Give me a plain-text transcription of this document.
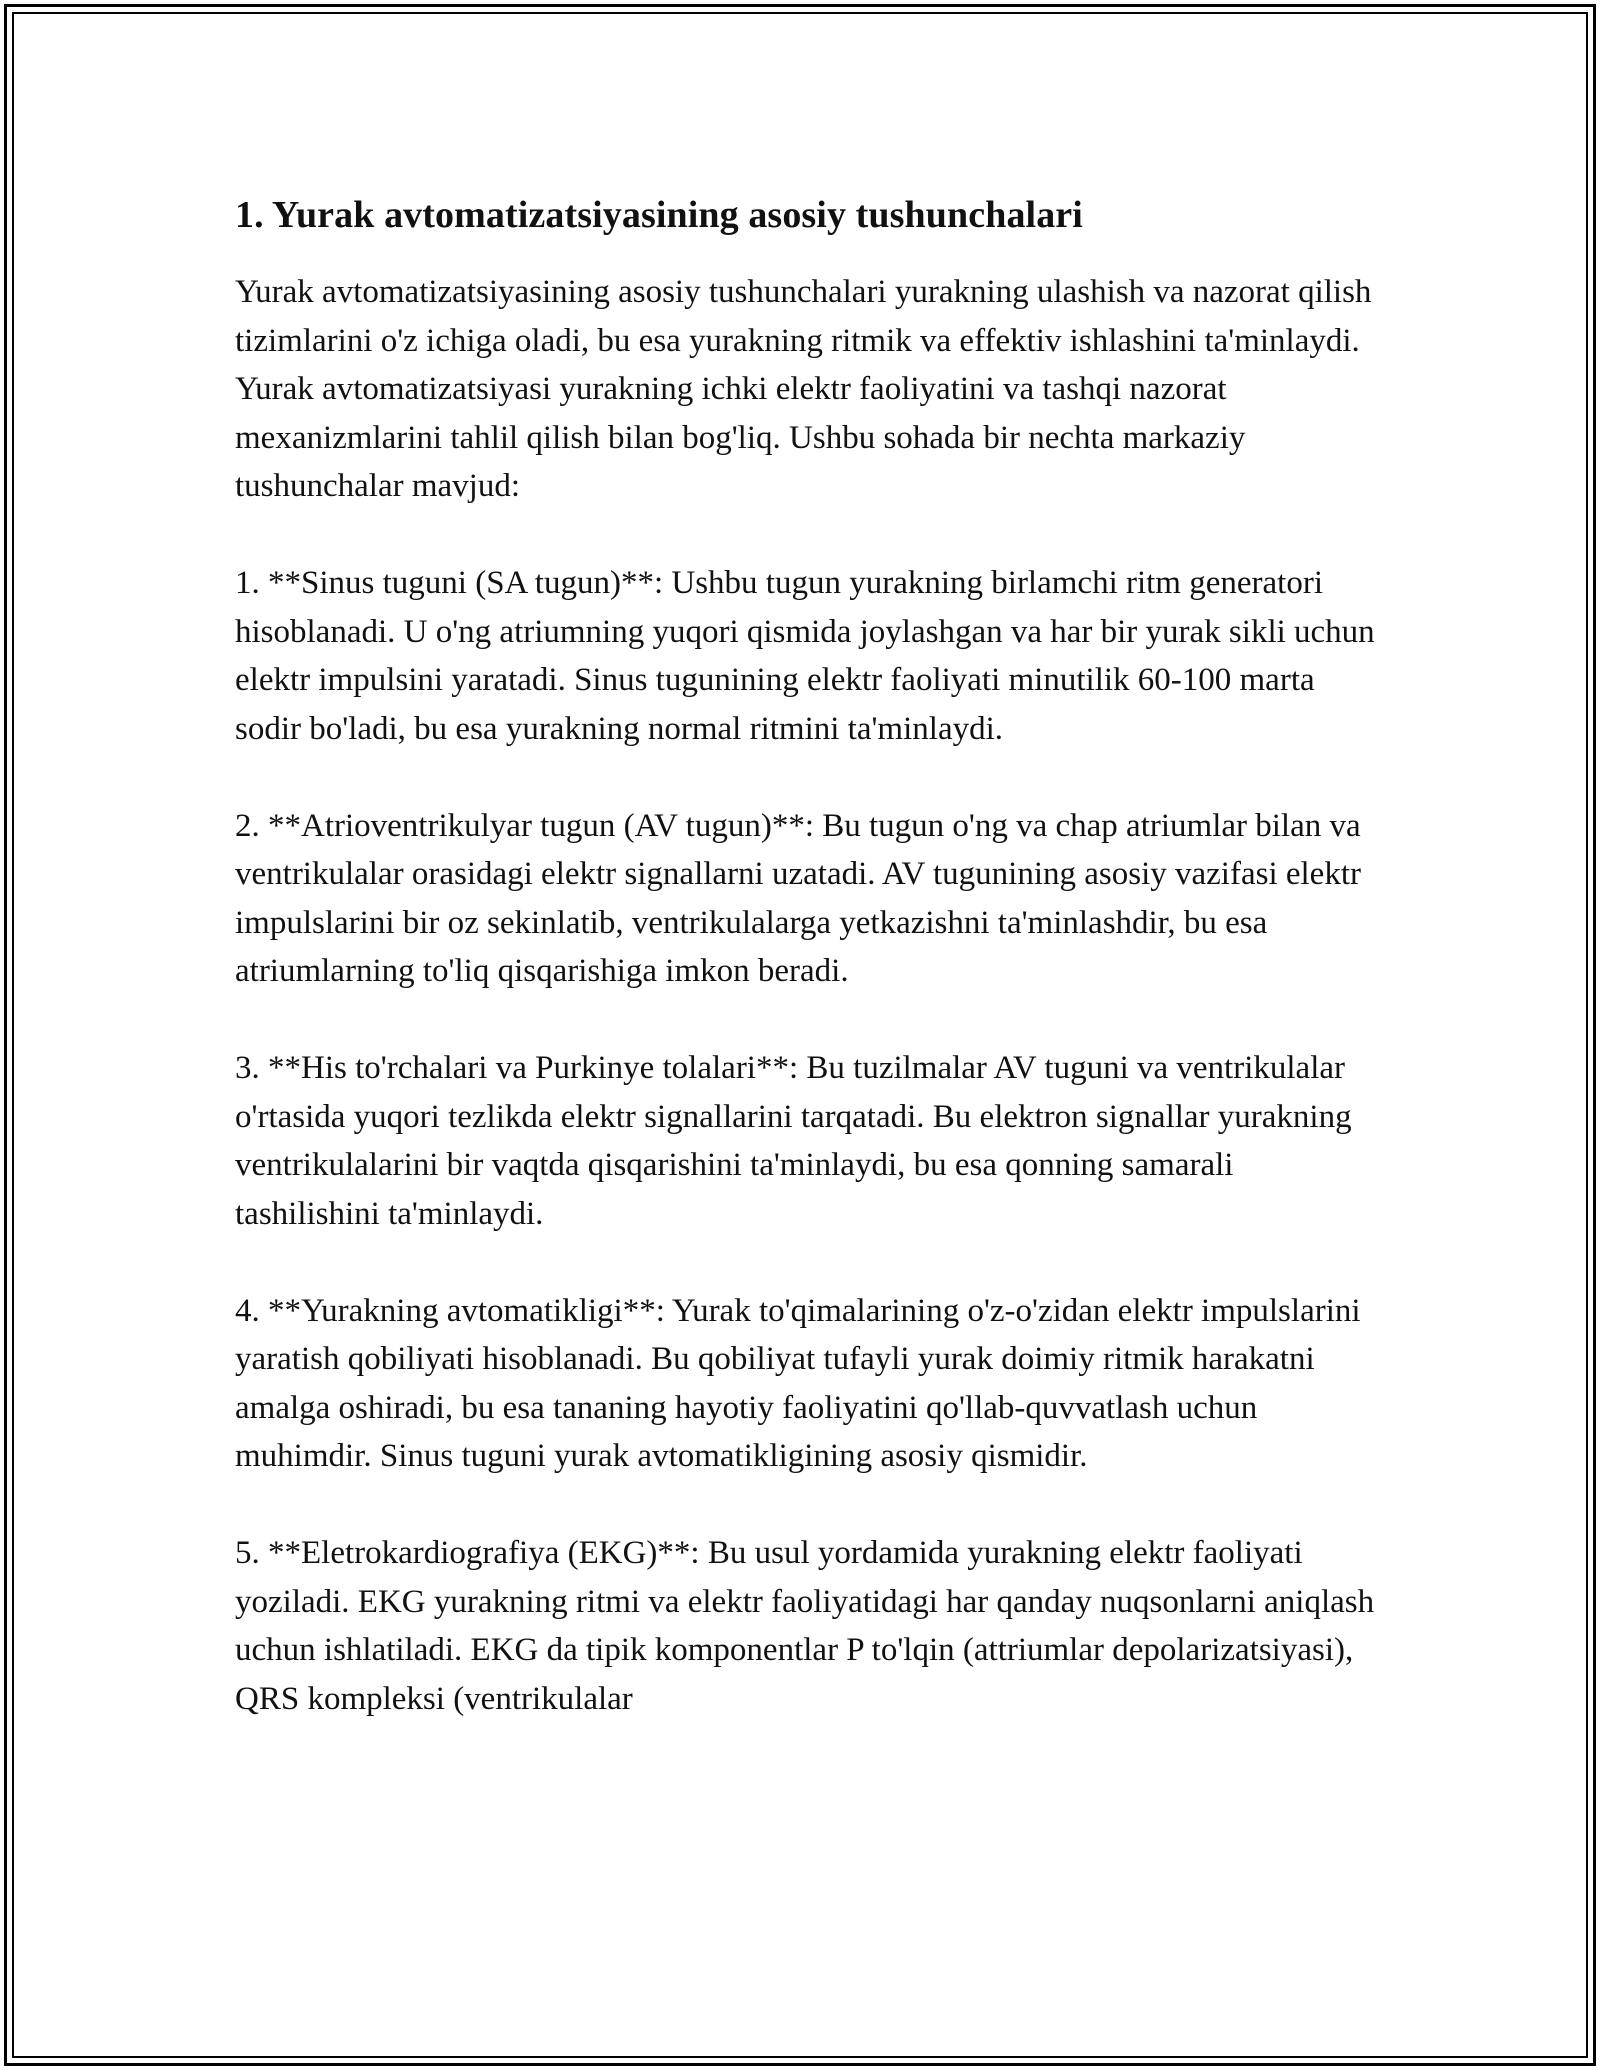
1. Yurak avtomatizatsiyasining asosiy tushunchalari

Yurak avtomatizatsiyasining asosiy tushunchalari yurakning ulashish va nazorat qilish tizimlarini o'z ichiga oladi, bu esa yurakning ritmik va effektiv ishlashini ta'minlaydi. Yurak avtomatizatsiyasi yurakning ichki elektr faoliyatini va tashqi nazorat mexanizmlarini tahlil qilish bilan bog'liq. Ushbu sohada bir nechta markaziy tushunchalar mavjud:

1. **Sinus tuguni (SA tugun)**: Ushbu tugun yurakning birlamchi ritm generatori hisoblanadi. U o'ng atriumning yuqori qismida joylashgan va har bir yurak sikli uchun elektr impulsini yaratadi. Sinus tugunining elektr faoliyati minutilik 60-100 marta sodir bo'ladi, bu esa yurakning normal ritmini ta'minlaydi.

2. **Atrioventrikulyar tugun (AV tugun)**: Bu tugun o'ng va chap atriumlar bilan va ventrikulalar orasidagi elektr signallarni uzatadi. AV tugunining asosiy vazifasi elektr impulslarini bir oz sekinlatib, ventrikulalarga yetkazishni ta'minlashdir, bu esa atriumlarning to'liq qisqarishiga imkon beradi.

3. **His to'rchalari va Purkinye tolalari**: Bu tuzilmalar AV tuguni va ventrikulalar o'rtasida yuqori tezlikda elektr signallarini tarqatadi. Bu elektron signallar yurakning ventrikulalarini bir vaqtda qisqarishini ta'minlaydi, bu esa qonning samarali tashilishini ta'minlaydi.

4. **Yurakning avtomatikligi**: Yurak to'qimalarining o'z-o'zidan elektr impulslarini yaratish qobiliyati hisoblanadi. Bu qobiliyat tufayli yurak doimiy ritmik harakatni amalga oshiradi, bu esa tananing hayotiy faoliyatini qo'llab-quvvatlash uchun muhimdir. Sinus tuguni yurak avtomatikligining asosiy qismidir.

5. **Eletrokardiografiya (EKG)**: Bu usul yordamida yurakning elektr faoliyati yoziladi. EKG yurakning ritmi va elektr faoliyatidagi har qanday nuqsonlarni aniqlash uchun ishlatiladi. EKG da tipik komponentlar P to'lqin (attriumlar depolarizatsiyasi), QRS kompleksi (ventrikulalar
